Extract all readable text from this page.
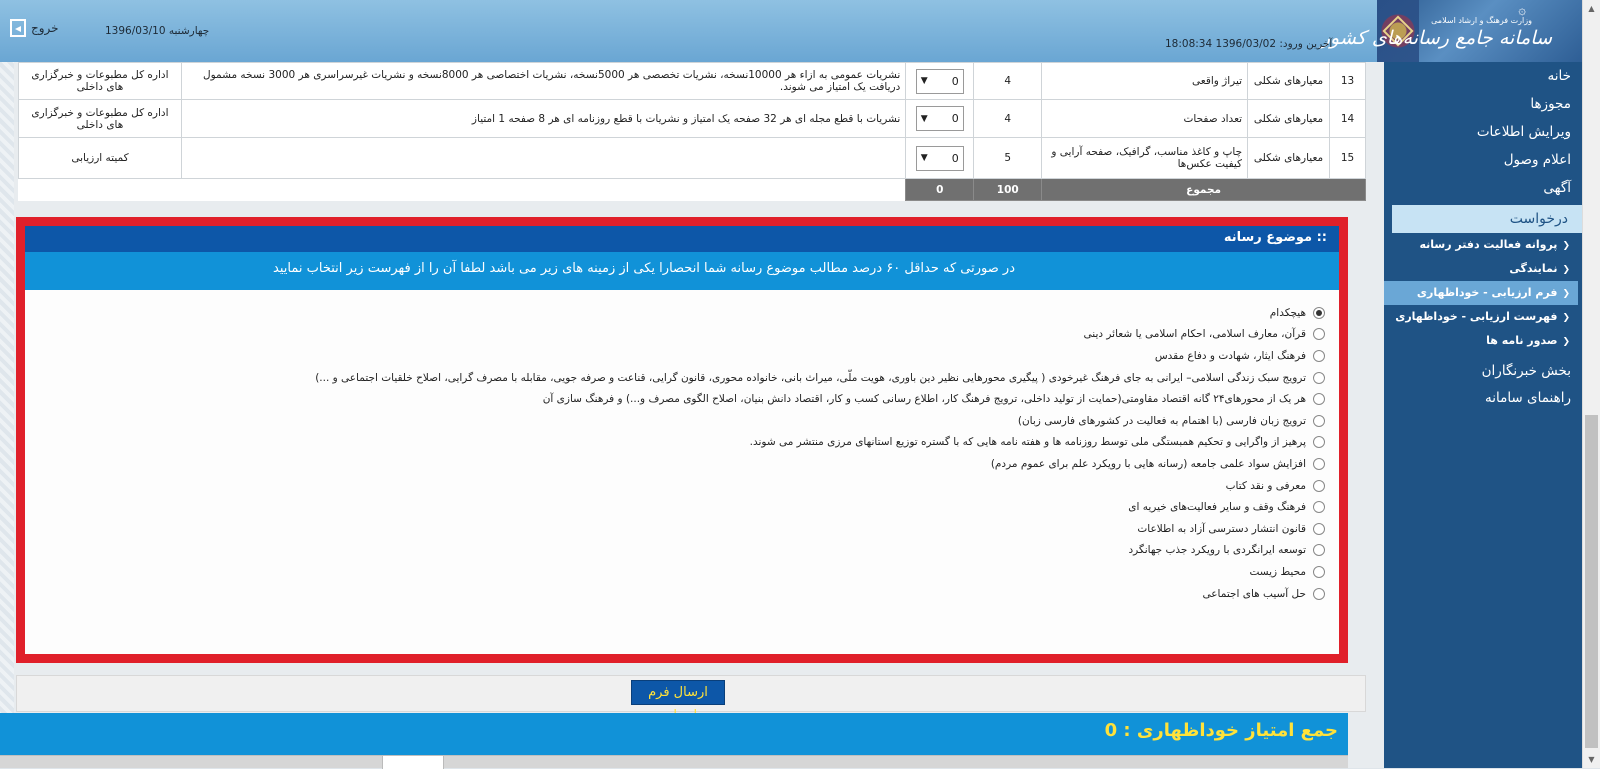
۞
وزارت فرهنگ و ارشاد اسلامی
سامانه جامع رسانه‌های کشور
آخرین ورود: 1396/03/02 18:08:34
چهارشنبه 1396/03/10
خروج
13	معیارهای شکلی	تیراژ واقعی	4	▼ 0	نشریات عمومی به ازاء هر 10000نسخه، نشریات تخصصی هر 5000نسخه، نشریات اختصاصی هر 8000نسخه و نشریات غیرسراسری هر 3000 نسخه مشمول دریافت یک امتیاز می شوند.	اداره کل مطبوعات و خبرگزاری های داخلی
14	معیارهای شکلی	تعداد صفحات	4	▼ 0	نشریات با قطع مجله ای هر 32 صفحه یک امتیاز و نشریات با قطع روزنامه ای هر 8 صفحه 1 امتیاز	اداره کل مطبوعات و خبرگزاری های داخلی
15	معیارهای شکلی	چاپ و کاغذ مناسب، گرافیک، صفحه آرایی و کیفیت عکس‌ها	5	▼ 0		کمیته ارزیابی
مجموع			100	0		
:: موضوع رسانه
در صورتی که حداقل ۶۰ درصد مطالب موضوع رسانه شما انحصارا یکی از زمینه های زیر می باشد لطفا آن را از فهرست زیر انتخاب نمایید
هیچکدام
قرآن، معارف اسلامی، احکام اسلامی یا شعائر دینی
فرهنگ ایثار، شهادت و دفاع مقدس
ترویج سبک زندگی اسلامی– ایرانی به جای فرهنگ غیرخودی ( پیگیری محورهایی نظیر دین باوری، هویت ملّی، میراث بانی، خانواده محوری، قانون گرایی، قناعت و صرفه جویی، مقابله با مصرف گرایی، اصلاح خلقیات اجتماعی و ...)
هر یک از محورهای۲۴ گانه اقتصاد مقاومتی(حمایت از تولید داخلی، ترویج فرهنگ کار، اطلاع رسانی کسب و کار، اقتصاد دانش بنیان، اصلاح الگوی مصرف و...) و فرهنگ سازی آن
ترویج زبان فارسی (با اهتمام به فعالیت در کشورهای فارسی زبان)
پرهیز از واگرایی و تحکیم همبستگی ملی توسط روزنامه ها و هفته نامه هایی که با گستره توزیع استانهای مرزی منتشر می شوند.
افزایش سواد علمی جامعه (رسانه هایی با رویکرد علم برای عموم مردم)
معرفی و نقد کتاب
فرهنگ وقف و سایر فعالیت‌های خیریه ای
قانون انتشار دسترسی آزاد به اطلاعات
توسعه ایرانگردی با رویکرد جذب جهانگرد
محیط زیست
حل آسیب های اجتماعی
ارسال فرم
جمع امتیاز خوداظهاری : 0
خانه
مجوزها
ویرایش اطلاعات
اعلام وصول
آگهی
درخواست
❮پروانه فعالیت دفتر رسانه
❮نمایندگی
❮فرم ارزیابی - خوداظهاری
❮فهرست ارزیابی - خوداظهاری
❮صدور نامه ها
بخش خبرنگاران
راهنمای سامانه
▲
▼
